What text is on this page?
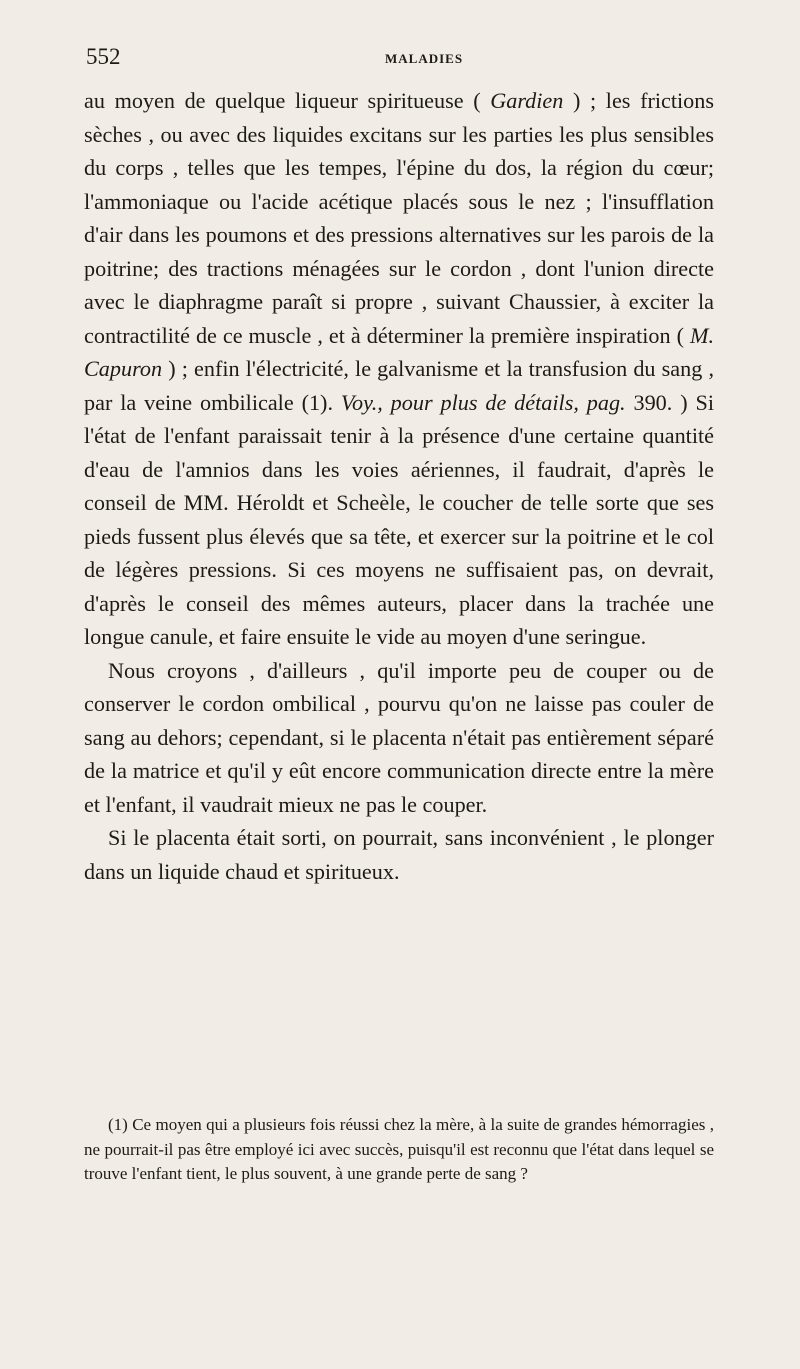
552	MALADIES

au moyen de quelque liqueur spiritueuse ( Gardien ) ; les frictions sèches , ou avec des liquides excitans sur les parties les plus sensibles du corps , telles que les tempes, l'épine du dos, la région du cœur; l'ammoniaque ou l'acide acétique placés sous le nez ; l'insufflation d'air dans les poumons et des pressions alternatives sur les parois de la poitrine; des tractions ménagées sur le cordon , dont l'union directe avec le diaphragme paraît si propre , suivant Chaussier, à exciter la contractilité de ce muscle , et à déterminer la première inspiration ( M. Capuron ) ; enfin l'électricité, le galvanisme et la transfusion du sang , par la veine ombilicale (1). Voy., pour plus de détails, pag. 390. ) Si l'état de l'enfant paraissait tenir à la présence d'une certaine quantité d'eau de l'amnios dans les voies aériennes, il faudrait, d'après le conseil de MM. Héroldt et Scheèle, le coucher de telle sorte que ses pieds fussent plus élevés que sa tête, et exercer sur la poitrine et le col de légères pressions. Si ces moyens ne suffisaient pas, on devrait, d'après le conseil des mêmes auteurs, placer dans la trachée une longue canule, et faire ensuite le vide au moyen d'une seringue.

Nous croyons , d'ailleurs , qu'il importe peu de couper ou de conserver le cordon ombilical , pourvu qu'on ne laisse pas couler de sang au dehors; cependant, si le placenta n'était pas entièrement séparé de la matrice et qu'il y eût encore communication directe entre la mère et l'enfant, il vaudrait mieux ne pas le couper.

Si le placenta était sorti, on pourrait, sans inconvénient , le plonger dans un liquide chaud et spiritueux.

(1) Ce moyen qui a plusieurs fois réussi chez la mère, à la suite de grandes hémorragies , ne pourrait-il pas être employé ici avec succès, puisqu'il est reconnu que l'état dans lequel se trouve l'enfant tient, le plus souvent, à une grande perte de sang ?
